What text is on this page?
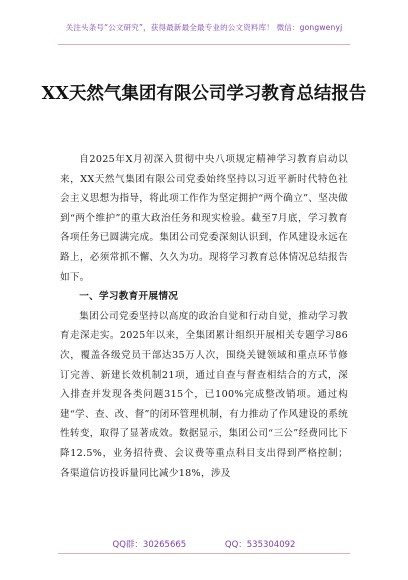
关注头条号“公文研究”，获得最新最全最专业的公文资料库！ 微信：gongwenyj
XX天然气集团有限公司学习教育总结报告

自2025年X月初深入贯彻中央八项规定精神学习教育启动以来，XX天然气集团有限公司党委始终坚持以习近平新时代特色社会主义思想为指导，将此项工作作为坚定拥护“两个确立”、坚决做到“两个维护”的重大政治任务和现实检验。截至7月底，学习教育各项任务已圆满完成。集团公司党委深刻认识到，作风建设永远在路上，必须常抓不懈、久久为功。现将学习教育总体情况总结报告如下。

一、学习教育开展情况

集团公司党委坚持以高度的政治自觉和行动自觉，推动学习教育走深走实。2025年以来，全集团累计组织开展相关专题学习86次，覆盖各级党员干部达35万人次，围绕关键领域和重点环节修订完善、新建长效机制21项，通过自查与督查相结合的方式，深入排查并发现各类问题315个，已100%完成整改销项。通过构建“学、查、改、督”的闭环管理机制，有力推动了作风建设的系统性转变，取得了显著成效。数据显示，集团公司“三公”经费同比下降12.5%，业务招待费、会议费等重点科目支出得到严格控制；各渠道信访投诉量同比减少18%，涉及

QQ群：30265665	QQ：535304092
